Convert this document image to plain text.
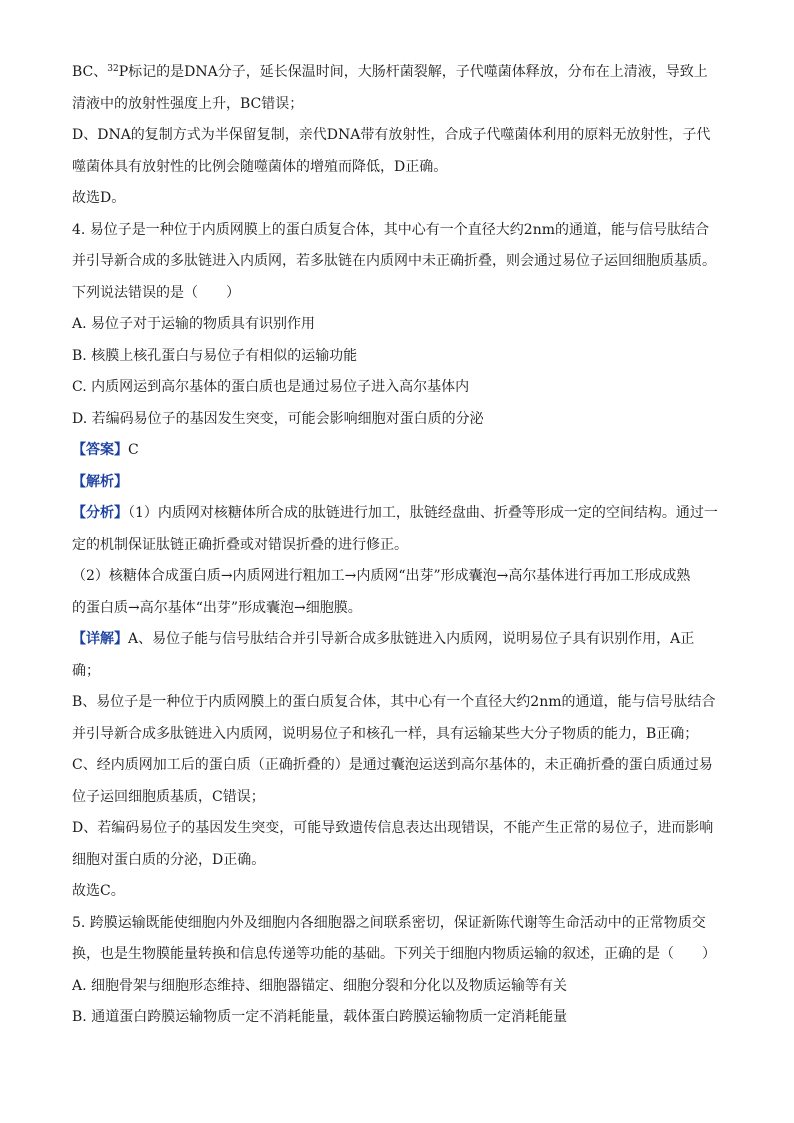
BC、$^{32}$P标记的是DNA分子，延长保温时间，大肠杆菌裂解，子代噬菌体释放，分布在上清液，导致上
清液中的放射性强度上升，BC错误；
D、DNA的复制方式为半保留复制，亲代DNA带有放射性，合成子代噬菌体利用的原料无放射性，子代
噬菌体具有放射性的比例会随噬菌体的增殖而降低，D正确。
故选D。
4. 易位子是一种位于内质网膜上的蛋白质复合体，其中心有一个直径大约2nm的通道，能与信号肽结合
并引导新合成的多肽链进入内质网，若多肽链在内质网中未正确折叠，则会通过易位子运回细胞质基质。
下列说法错误的是（　　）
A. 易位子对于运输的物质具有识别作用
B. 核膜上核孔蛋白与易位子有相似的运输功能
C. 内质网运到高尔基体的蛋白质也是通过易位子进入高尔基体内
D. 若编码易位子的基因发生突变，可能会影响细胞对蛋白质的分泌
【答案】C
【解析】
【分析】（1）内质网对核糖体所合成的肽链进行加工，肽链经盘曲、折叠等形成一定的空间结构。通过一
定的机制保证肽链正确折叠或对错误折叠的进行修正。
（2）核糖体合成蛋白质→内质网进行粗加工→内质网“出芽”形成囊泡→高尔基体进行再加工形成成熟
的蛋白质→高尔基体“出芽”形成囊泡→细胞膜。
【详解】A、易位子能与信号肽结合并引导新合成多肽链进入内质网，说明易位子具有识别作用，A正
确；
B、易位子是一种位于内质网膜上的蛋白质复合体，其中心有一个直径大约2nm的通道，能与信号肽结合
并引导新合成多肽链进入内质网，说明易位子和核孔一样，具有运输某些大分子物质的能力，B正确；
C、经内质网加工后的蛋白质（正确折叠的）是通过囊泡运送到高尔基体的，未正确折叠的蛋白质通过易
位子运回细胞质基质，C错误；
D、若编码易位子的基因发生突变，可能导致遗传信息表达出现错误，不能产生正常的易位子，进而影响
细胞对蛋白质的分泌，D正确。
故选C。
5. 跨膜运输既能使细胞内外及细胞内各细胞器之间联系密切，保证新陈代谢等生命活动中的正常物质交
换，也是生物膜能量转换和信息传递等功能的基础。下列关于细胞内物质运输的叙述，正确的是（　　）
A. 细胞骨架与细胞形态维持、细胞器锚定、细胞分裂和分化以及物质运输等有关
B. 通道蛋白跨膜运输物质一定不消耗能量，载体蛋白跨膜运输物质一定消耗能量
